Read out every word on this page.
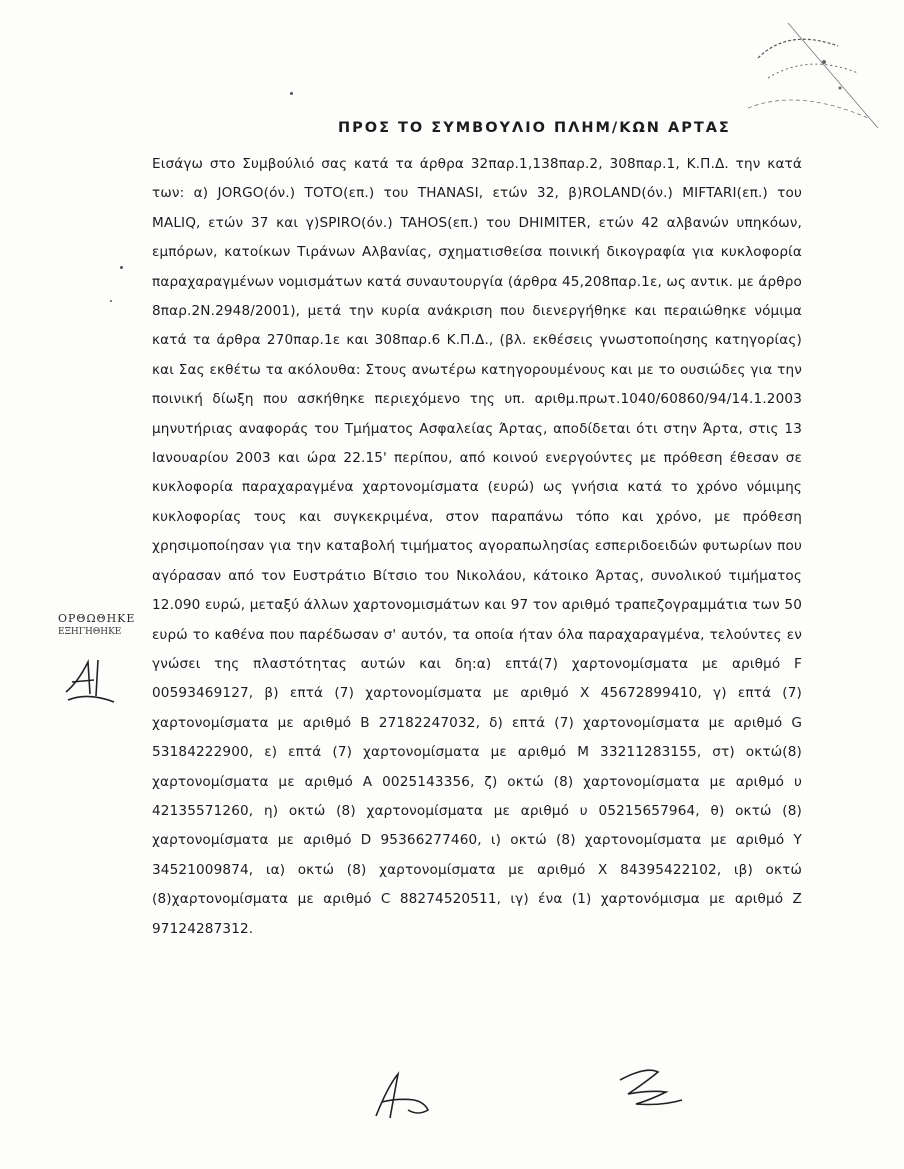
ΠΡΟΣ ΤΟ ΣΥΜΒΟΥΛΙΟ ΠΛΗΜ/ΚΩΝ ΑΡΤΑΣ

Εισάγω στο Συμβούλιό σας κατά τα άρθρα 32παρ.1,138παρ.2, 308παρ.1, Κ.Π.Δ. την κατά των: α) JORGO(όν.) TOTO(επ.) του THANASI, ετών 32, β)ROLAND(όν.) MIFTARI(επ.) του MALIQ, ετών 37 και γ)SPIRO(όν.) TAHOS(επ.) του DHIMITER, ετών 42 αλβανών υπηκόων, εμπόρων, κατοίκων Τιράνων Αλβανίας, σχηματισθείσα ποινική δικογραφία για κυκλοφορία παραχαραγμένων νομισμάτων κατά συναυτουργία (άρθρα 45,208παρ.1ε, ως αντικ. με άρθρο 8παρ.2Ν.2948/2001), μετά την κυρία ανάκριση που διενεργήθηκε και περαιώθηκε νόμιμα κατά τα άρθρα 270παρ.1ε και 308παρ.6 Κ.Π.Δ., (βλ. εκθέσεις γνωστοποίησης κατηγορίας) και Σας εκθέτω τα ακόλουθα: Στους ανωτέρω κατηγορουμένους και με το ουσιώδες για την ποινική δίωξη που ασκήθηκε περιεχόμενο της υπ. αριθμ.πρωτ.1040/60860/94/14.1.2003 μηνυτήριας αναφοράς του Τμήματος Ασφαλείας Άρτας, αποδίδεται ότι στην Άρτα, στις 13 Ιανουαρίου 2003 και ώρα 22.15' περίπου, από κοινού ενεργούντες με πρόθεση έθεσαν σε κυκλοφορία παραχαραγμένα χαρτονομίσματα (ευρώ) ως γνήσια κατά το χρόνο νόμιμης κυκλοφορίας τους και συγκεκριμένα, στον παραπάνω τόπο και χρόνο, με πρόθεση χρησιμοποίησαν για την καταβολή τιμήματος αγοραπωλησίας εσπεριδοειδών φυτωρίων που αγόρασαν από τον Ευστράτιο Βίτσιο του Νικολάου, κάτοικο Άρτας, συνολικού τιμήματος 12.090 ευρώ, μεταξύ άλλων χαρτονομισμάτων και 97 τον αριθμό τραπεζογραμμάτια των 50 ευρώ το καθένα που παρέδωσαν σ' αυτόν, τα οποία ήταν όλα παραχαραγμένα, τελούντες εν γνώσει της πλαστότητας αυτών και δη:α) επτά(7) χαρτονομίσματα με αριθμό F 00593469127, β) επτά (7) χαρτονομίσματα με αριθμό X 45672899410, γ) επτά (7) χαρτονομίσματα με αριθμό B 27182247032, δ) επτά (7) χαρτονομίσματα με αριθμό G 53184222900, ε) επτά (7) χαρτονομίσματα με αριθμό M 33211283155, στ) οκτώ(8) χαρτονομίσματα με αριθμό A 0025143356, ζ) οκτώ (8) χαρτονομίσματα με αριθμό υ 42135571260, η) οκτώ (8) χαρτονομίσματα με αριθμό υ 05215657964, θ) οκτώ (8) χαρτονομίσματα με αριθμό D 95366277460, ι) οκτώ (8) χαρτονομίσματα με αριθμό Y 34521009874, ια) οκτώ (8) χαρτονομίσματα με αριθμό X 84395422102, ιβ) οκτώ (8)χαρτονομίσματα με αριθμό C 88274520511, ιγ) ένα (1) χαρτονόμισμα με αριθμό Z 97124287312.

ΟΡΘΩΘΗΚΕ
ΕΞΗΓΗΘΗΚΕ
